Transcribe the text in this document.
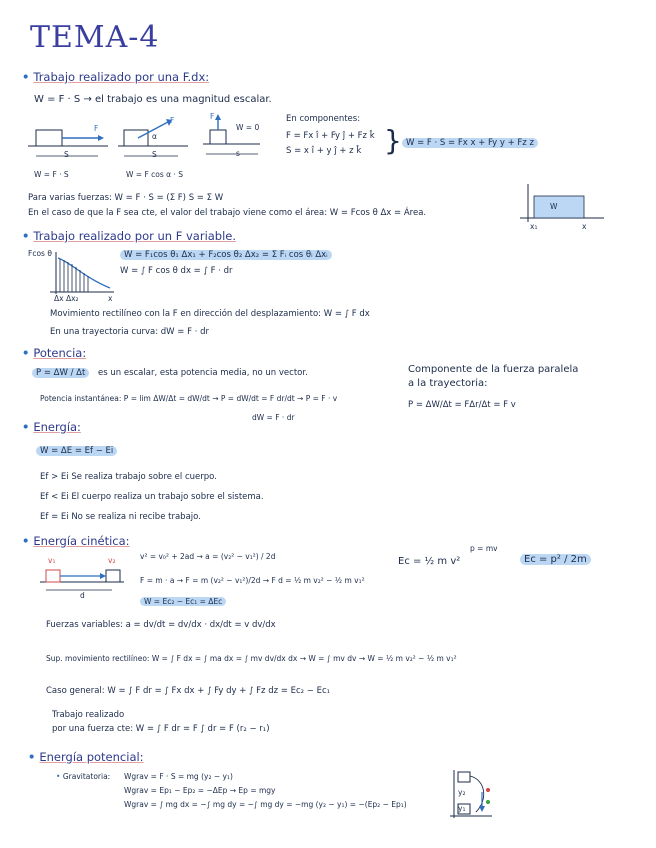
TEMA-4
• Trabajo realizado por una F.dx:
W = F · S → el trabajo es una magnitud escalar.
F
S
W = F · S
F
α
S
W = F cos α · S
F
W = 0
s
En componentes:
F = Fx î + Fy ĵ + Fz k̂
S = x î + y ĵ + z k̂ } W = F · S = Fx x + Fy y + Fz z
Para varias fuerzas: W = F · S = (Σ F) S = Σ W
En el caso de que la F sea cte, el valor del trabajo viene como el área: W = Fcos θ Δx = Área.
W
x₁	x
• Trabajo realizado por un F variable.
Fcos θ
Δx Δx₂	x
W = F₁cos θ₁ Δx₁ + F₂cos θ₂ Δx₂ = Σ Fᵢ cos θᵢ Δxᵢ
W = ∫ F cos θ dx = ∫ F · dr
Movimiento rectilíneo con la F en dirección del desplazamiento: W = ∫ F dx
En una trayectoria curva: dW = F · dr
• Potencia:
P = ΔW / Δt	es un escalar, esta potencia media, no un vector.
Potencia instantánea: P = lim ΔW/Δt = dW/dt → P = dW/dt = F dr/dt → P = F · v
dW = F · dr
Componente de la fuerza paralela
a la trayectoria:
P = ΔW/Δt = FΔr/Δt = F v
• Energía:
W = ΔE = Ef − Ei
Ef > Ei Se realiza trabajo sobre el cuerpo.
Ef < Ei El cuerpo realiza un trabajo sobre el sistema.
Ef = Ei No se realiza ni recibe trabajo.
• Energía cinética:
v₁	v₂
d
v² = v₀² + 2ad → a = (v₂² − v₁²) / 2d
F = m · a → F = m (v₂² − v₁²)/2d → F d = ½ m v₂² − ½ m v₁²
W = Ec₂ − Ec₁ = ΔEc
Ec = ½ m v²
p = mv
Ec = p² / 2m
Fuerzas variables: a = dv/dt = dv/dx · dx/dt = v dv/dx
Sup. movimiento rectilíneo: W = ∫ F dx = ∫ ma dx = ∫ mv dv/dx dx → W = ∫ mv dv → W = ½ m v₂² − ½ m v₁²
Caso general: W = ∫ F dr = ∫ Fx dx + ∫ Fy dy + ∫ Fz dz = Ec₂ − Ec₁
Trabajo realizado
por una fuerza cte: W = ∫ F dr = F ∫ dr = F (r₂ − r₁)
• Energía potencial:
• Gravitatoria: Wgrav = F · S = mg (y₂ − y₁)
Wgrav = Ep₁ − Ep₂ = −ΔEp → Ep = mgy
Wgrav = ∫ mg dx = −∫ mg dy = −∫ mg dy = −mg (y₂ − y₁) = −(Ep₂ − Ep₁)
y₂
y₁
